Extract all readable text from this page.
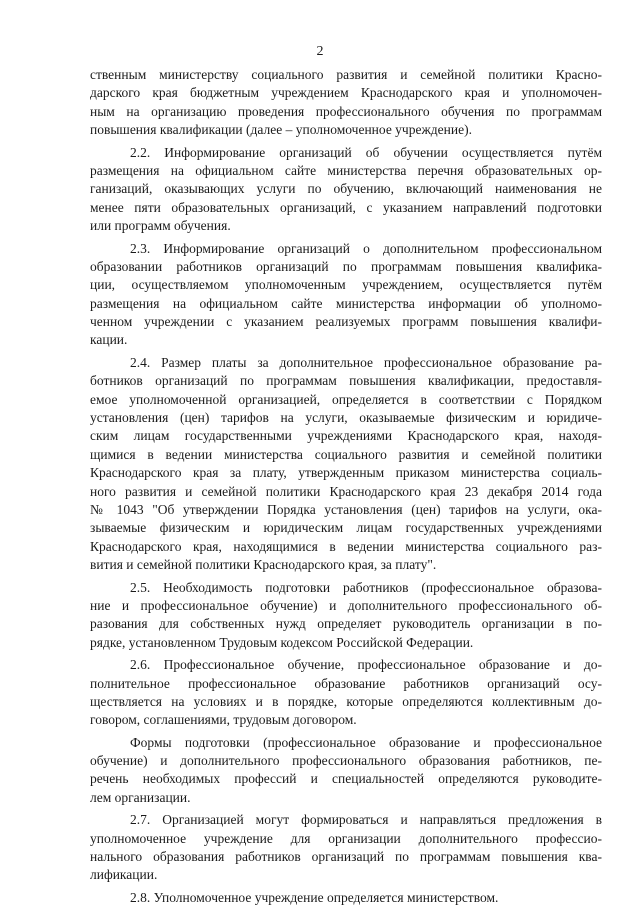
2
ственным министерству социального развития и семейной политики Красно-
дарского края бюджетным учреждением Краснодарского края и уполномочен-
ным на организацию проведения профессионального обучения по программам
повышения квалификации (далее – уполномоченное учреждение).
2.2. Информирование организаций об обучении осуществляется путём
размещения на официальном сайте министерства перечня образовательных ор-
ганизаций, оказывающих услуги по обучению, включающий наименования не
менее пяти образовательных организаций, с указанием направлений подготовки
или программ обучения.
2.3. Информирование организаций о дополнительном профессиональном
образовании работников организаций по программам повышения квалифика-
ции, осуществляемом уполномоченным учреждением, осуществляется путём
размещения на официальном сайте министерства информации об уполномо-
ченном учреждении с указанием реализуемых программ повышения квалифи-
кации.
2.4. Размер платы за дополнительное профессиональное образование ра-
ботников организаций по программам повышения квалификации, предоставля-
емое уполномоченной организацией, определяется в соответствии с Порядком
установления (цен) тарифов на услуги, оказываемые физическим и юридиче-
ским лицам государственными учреждениями Краснодарского края, находя-
щимися в ведении министерства социального развития и семейной политики
Краснодарского края за плату, утвержденным приказом министерства социаль-
ного развития и семейной политики Краснодарского края 23 декабря 2014 года
№ 1043 "Об утверждении Порядка установления (цен) тарифов на услуги, ока-
зываемые физическим и юридическим лицам государственных учреждениями
Краснодарского края, находящимися в ведении министерства социального раз-
вития и семейной политики Краснодарского края, за плату".
2.5. Необходимость подготовки работников (профессиональное образова-
ние и профессиональное обучение) и дополнительного профессионального об-
разования для собственных нужд определяет руководитель организации в по-
рядке, установленном Трудовым кодексом Российской Федерации.
2.6. Профессиональное обучение, профессиональное образование и до-
полнительное профессиональное образование работников организаций осу-
ществляется на условиях и в порядке, которые определяются коллективным до-
говором, соглашениями, трудовым договором.
Формы подготовки (профессиональное образование и профессиональное
обучение) и дополнительного профессионального образования работников, пе-
речень необходимых профессий и специальностей определяются руководите-
лем организации.
2.7. Организацией могут формироваться и направляться предложения в
уполномоченное учреждение для организации дополнительного профессио-
нального образования работников организаций по программам повышения ква-
лификации.
2.8. Уполномоченное учреждение определяется министерством.
